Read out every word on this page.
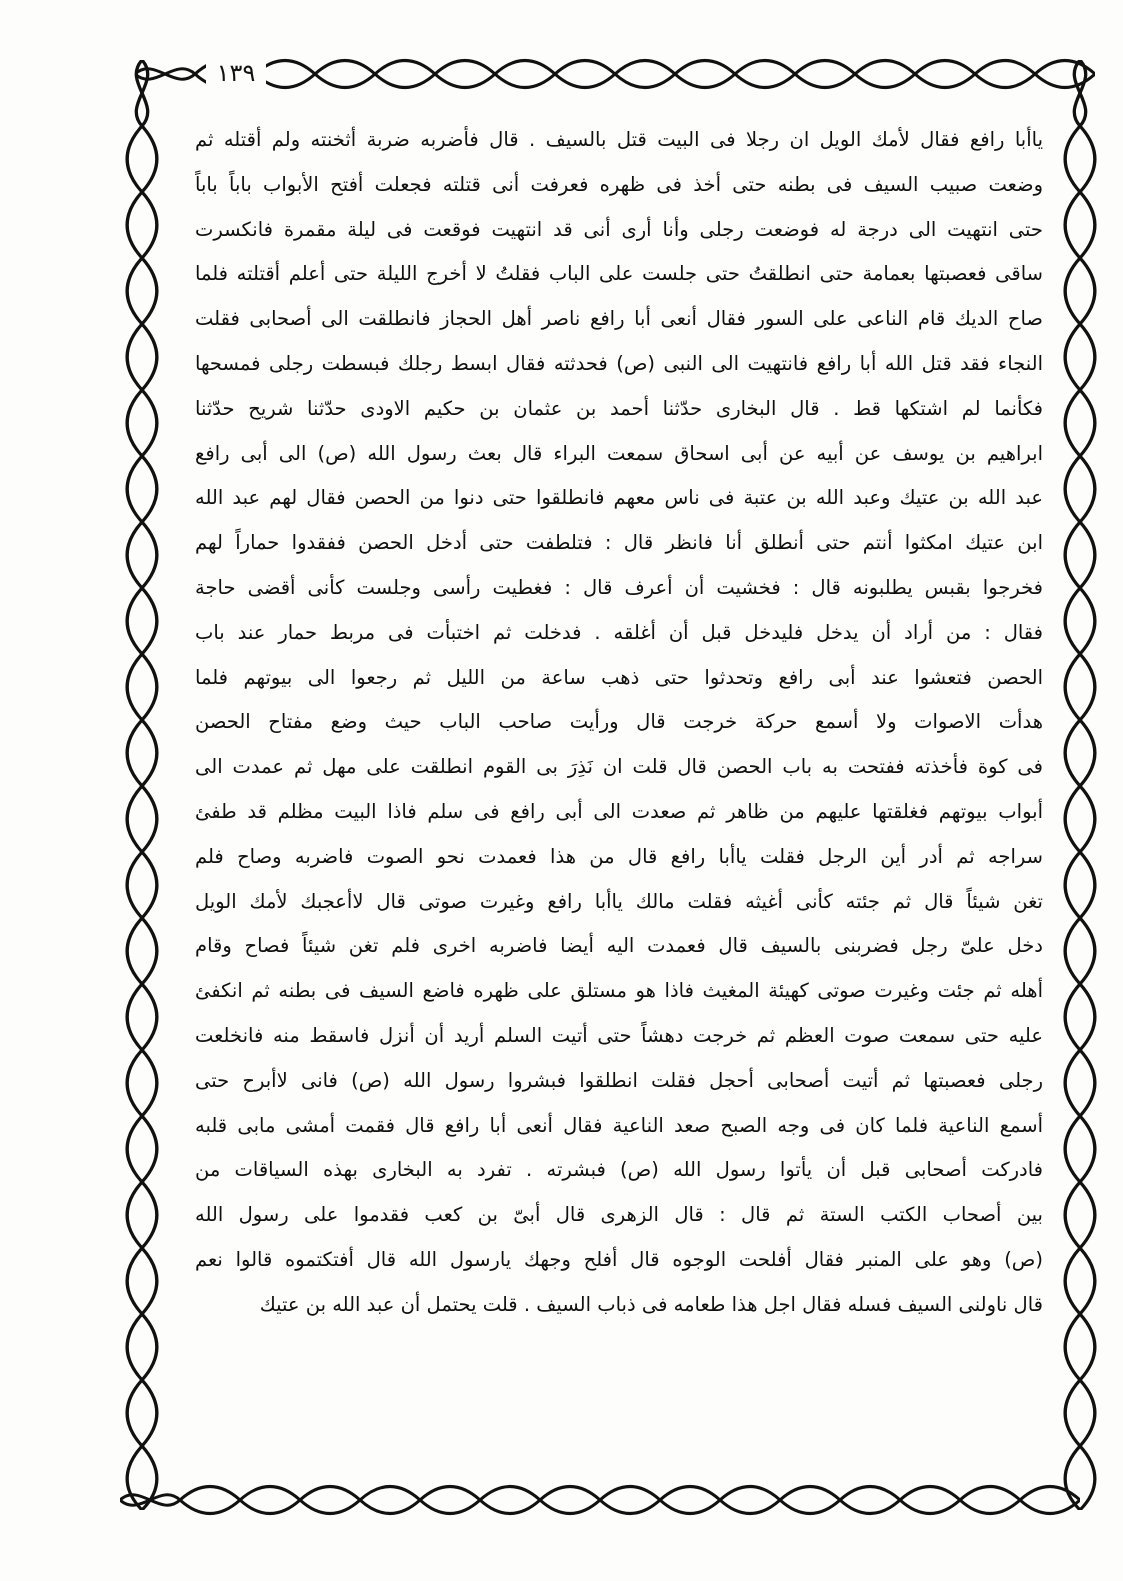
١٣٩
ياأبا رافع فقال لأمك الويل ان رجلا فى البيت قتل بالسيف . قال فأضربه ضربة أثخنته ولم أقتله ثم
وضعت صبيب السيف فى بطنه حتى أخذ فى ظهره فعرفت أنى قتلته فجعلت أفتح الأبواب باباً باباً
حتى انتهيت الى درجة له فوضعت رجلى وأنا أرى أنى قد انتهيت فوقعت فى ليلة مقمرة فانكسرت
ساقى فعصبتها بعمامة حتى انطلقتُ حتى جلست على الباب فقلتُ لا أخرج الليلة حتى أعلم أقتلته فلما
صاح الديك قام الناعى على السور فقال أنعى أبا رافع ناصر أهل الحجاز فانطلقت الى أصحابى فقلت
النجاء فقد قتل الله أبا رافع فانتهيت الى النبى (ص) فحدثته فقال ابسط رجلك فبسطت رجلى فمسحها
فكأنما لم اشتكها قط . قال البخارى حدّثنا أحمد بن عثمان بن حكيم الاودى حدّثنا شريح حدّثنا
ابراهيم بن يوسف عن أبيه عن أبى اسحاق سمعت البراء قال بعث رسول الله (ص) الى أبى رافع
عبد الله بن عتيك وعبد الله بن عتبة فى ناس معهم فانطلقوا حتى دنوا من الحصن فقال لهم عبد الله
ابن عتيك امكثوا أنتم حتى أنطلق أنا فانظر قال : فتلطفت حتى أدخل الحصن ففقدوا حماراً لهم
فخرجوا بقبس يطلبونه قال : فخشيت أن أعرف قال : فغطيت رأسى وجلست كأنى أقضى حاجة
فقال : من أراد أن يدخل فليدخل قبل أن أغلقه . فدخلت ثم اختبأت فى مربط حمار عند باب
الحصن فتعشوا عند أبى رافع وتحدثوا حتى ذهب ساعة من الليل ثم رجعوا الى بيوتهم فلما
هدأت الاصوات ولا أسمع حركة خرجت قال ورأيت صاحب الباب حيث وضع مفتاح الحصن
فى كوة فأخذته ففتحت به باب الحصن قال قلت ان نَذِرَ بى القوم انطلقت على مهل ثم عمدت الى
أبواب بيوتهم فغلقتها عليهم من ظاهر ثم صعدت الى أبى رافع فى سلم فاذا البيت مظلم قد طفئ
سراجه ثم أدر أين الرجل فقلت ياأبا رافع قال من هذا فعمدت نحو الصوت فاضربه وصاح فلم
تغن شيئاً قال ثم جئته كأنى أغيثه فقلت مالك ياأبا رافع وغيرت صوتى قال لاأعجبك لأمك الويل
دخل علىّ رجل فضربنى بالسيف قال فعمدت اليه أيضا فاضربه اخرى فلم تغن شيئاً فصاح وقام
أهله ثم جئت وغيرت صوتى كهيئة المغيث فاذا هو مستلق على ظهره فاضع السيف فى بطنه ثم انكفئ
عليه حتى سمعت صوت العظم ثم خرجت دهشاً حتى أتيت السلم أريد أن أنزل فاسقط منه فانخلعت
رجلى فعصبتها ثم أتيت أصحابى أحجل فقلت انطلقوا فبشروا رسول الله (ص) فانى لاأبرح حتى
أسمع الناعية فلما كان فى وجه الصبح صعد الناعية فقال أنعى أبا رافع قال فقمت أمشى مابى قلبه
فادركت أصحابى قبل أن يأتوا رسول الله (ص) فبشرته . تفرد به البخارى بهذه السياقات من
بين أصحاب الكتب الستة ثم قال : قال الزهرى قال أبىّ بن كعب فقدموا على رسول الله
(ص) وهو على المنبر فقال أفلحت الوجوه قال أفلح وجهك يارسول الله قال أفتكتموه قالوا نعم
قال ناولنى السيف فسله فقال اجل هذا طعامه فى ذباب السيف . قلت يحتمل أن عبد الله بن عتيك
